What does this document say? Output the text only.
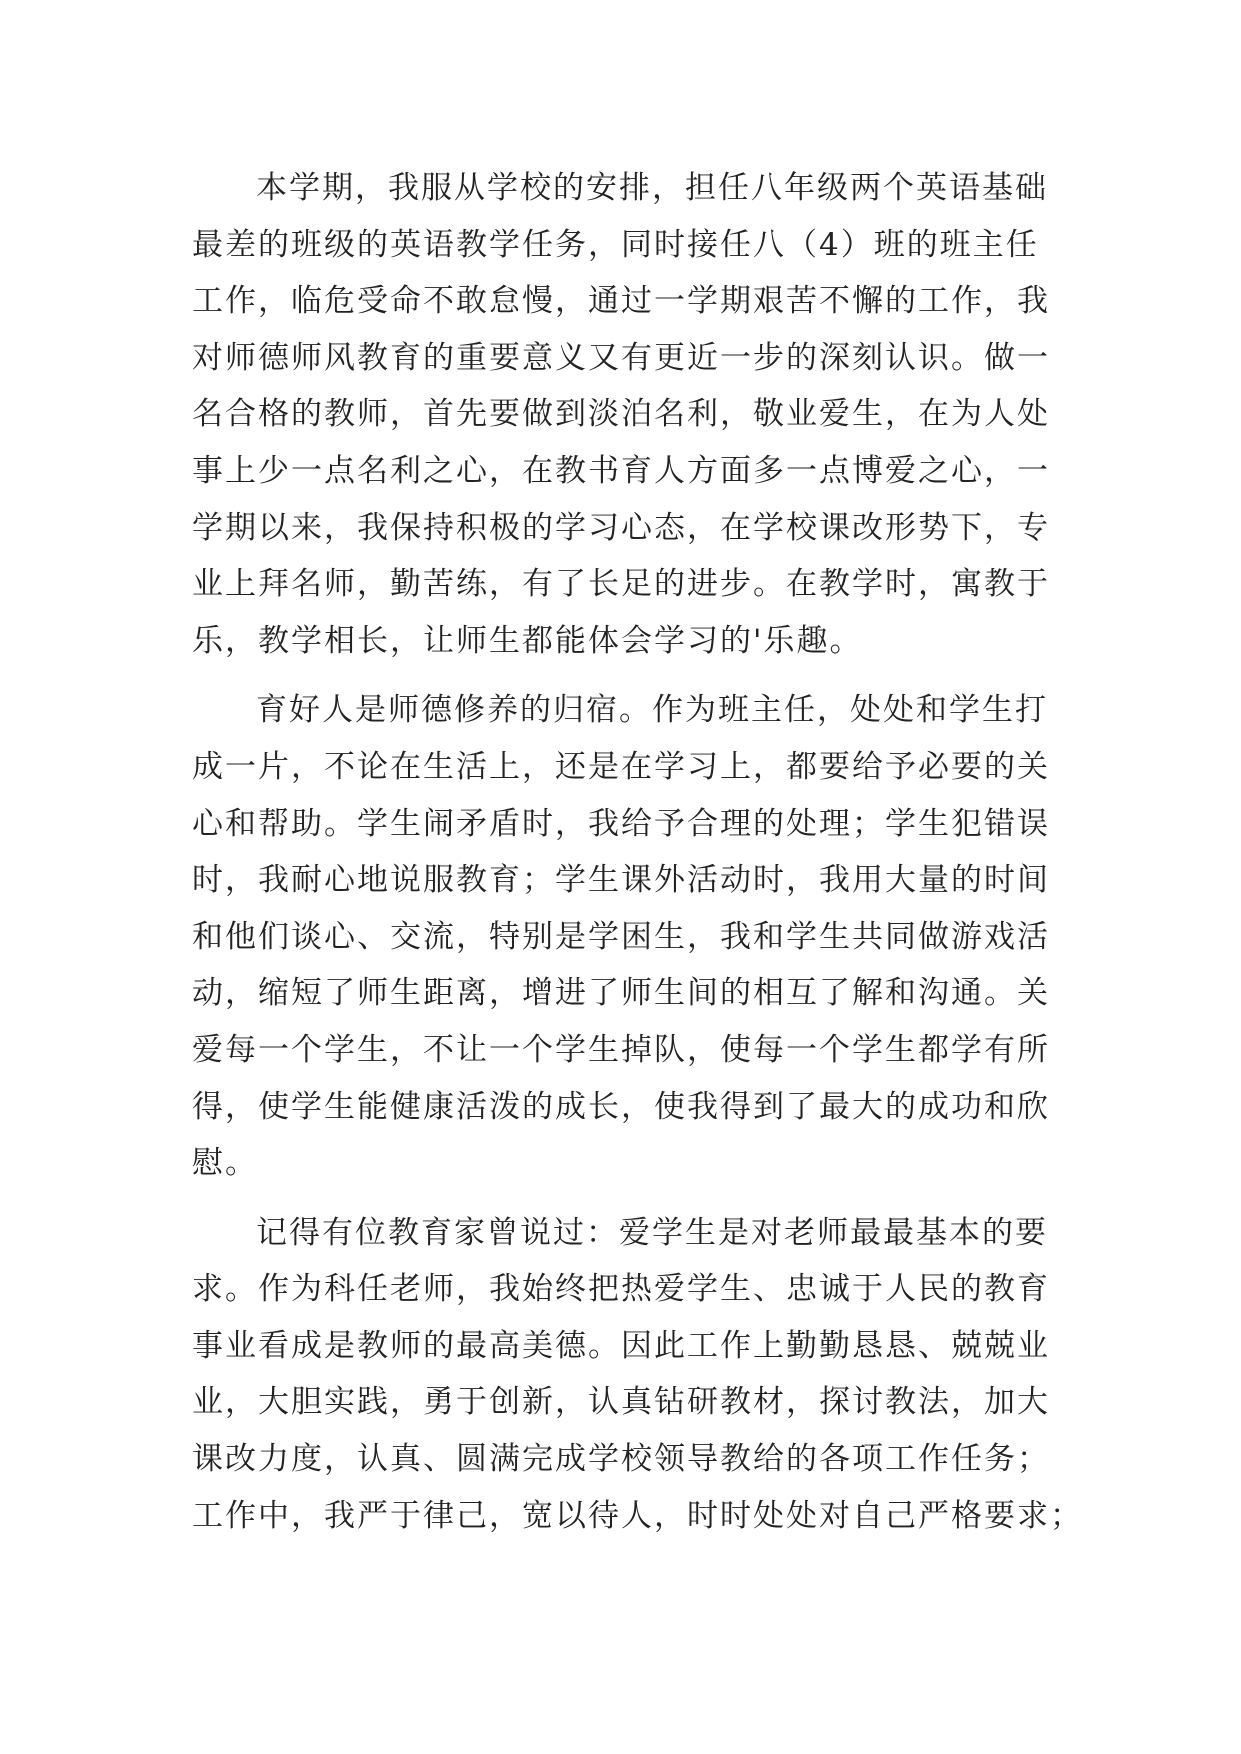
本学期，我服从学校的安排，担任八年级两个英语基础
最差的班级的英语教学任务，同时接任八（4）班的班主任
工作，临危受命不敢怠慢，通过一学期艰苦不懈的工作，我
对师德师风教育的重要意义又有更近一步的深刻认识。做一
名合格的教师，首先要做到淡泊名利，敬业爱生，在为人处
事上少一点名利之心，在教书育人方面多一点博爱之心，一
学期以来，我保持积极的学习心态，在学校课改形势下，专
业上拜名师，勤苦练，有了长足的进步。在教学时，寓教于
乐，教学相长，让师生都能体会学习的'乐趣。
育好人是师德修养的归宿。作为班主任，处处和学生打
成一片，不论在生活上，还是在学习上，都要给予必要的关
心和帮助。学生闹矛盾时，我给予合理的处理；学生犯错误
时，我耐心地说服教育；学生课外活动时，我用大量的时间
和他们谈心、交流，特别是学困生，我和学生共同做游戏活
动，缩短了师生距离，增进了师生间的相互了解和沟通。关
爱每一个学生，不让一个学生掉队，使每一个学生都学有所
得，使学生能健康活泼的成长，使我得到了最大的成功和欣
慰。
记得有位教育家曾说过：爱学生是对老师最最基本的要
求。作为科任老师，我始终把热爱学生、忠诚于人民的教育
事业看成是教师的最高美德。因此工作上勤勤恳恳、兢兢业
业，大胆实践，勇于创新，认真钻研教材，探讨教法，加大
课改力度，认真、圆满完成学校领导教给的各项工作任务；
工作中，我严于律己，宽以待人，时时处处对自己严格要求；
